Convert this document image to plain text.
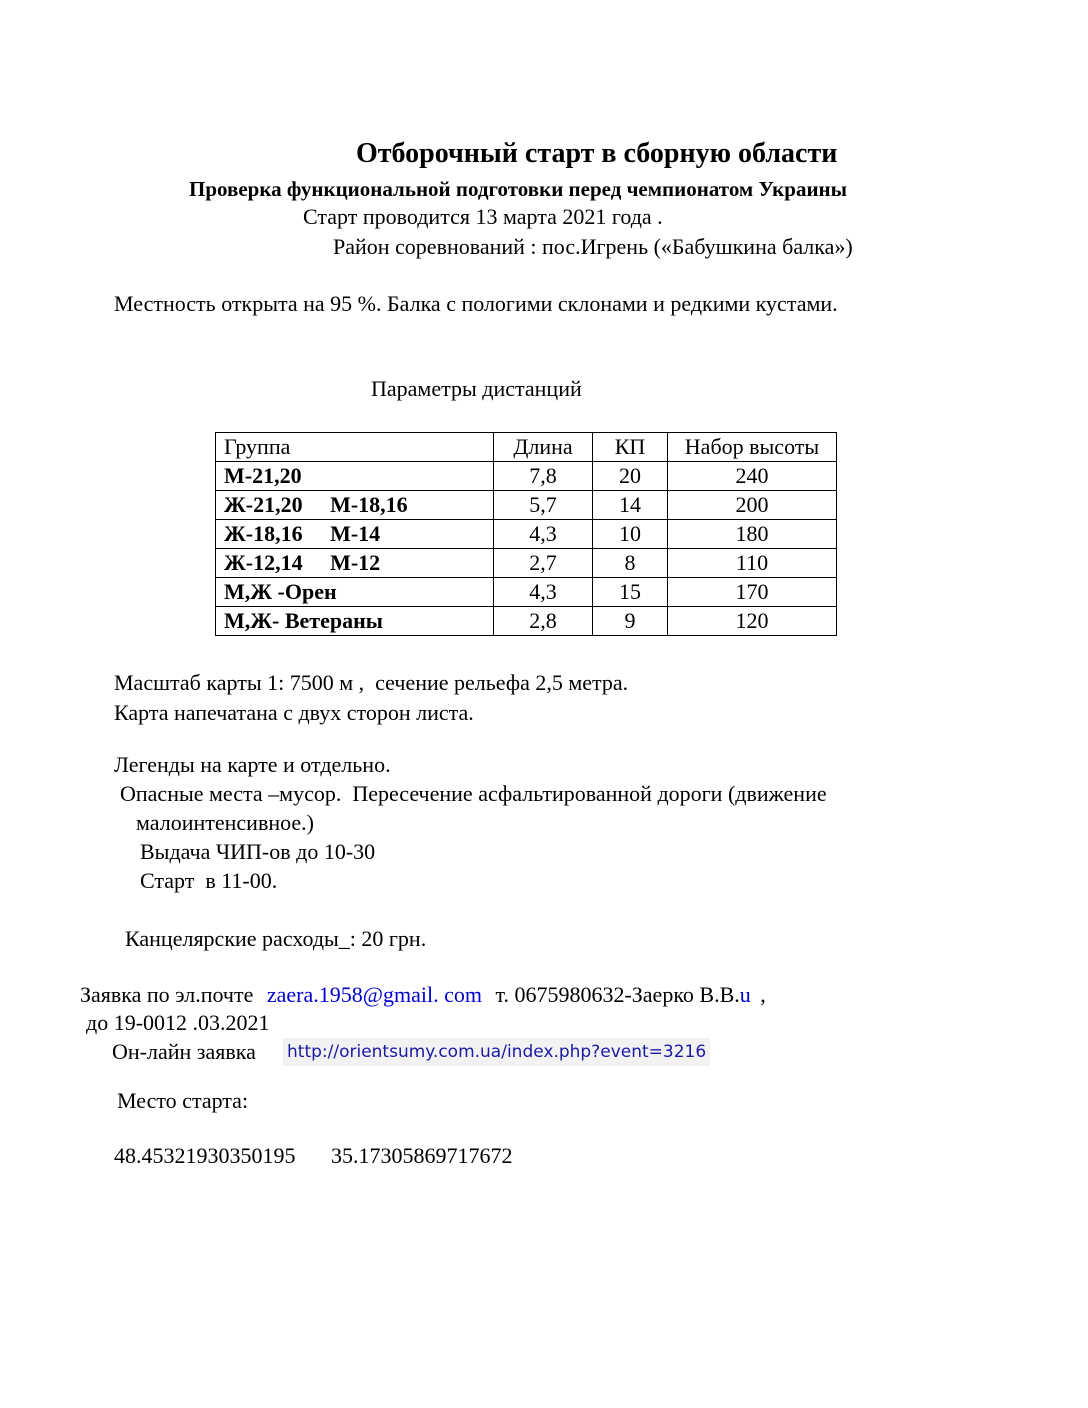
Отборочный старт в сборную области
Проверка функциональной подготовки перед чемпионатом Украины
Старт проводится 13 марта 2021 года .
Район соревнований : пос.Игрень («Бабушкина балка»)
Местность открыта на 95 %. Балка с пологими склонами и редкими кустами.
Параметры дистанций
Группа	Длина	КП	Набор высоты
М-21,20	7,8	20	240
Ж-21,20     М-18,16	5,7	14	200
Ж-18,16     М-14	4,3	10	180
Ж-12,14     М-12	2,7	8	110
М,Ж -Орен	4,3	15	170
М,Ж- Ветераны	2,8	9	120
Масштаб карты 1: 7500 м ,  сечение рельефа 2,5 метра.
Карта напечатана с двух сторон листа.
Легенды на карте и отдельно.
Опасные места –мусор.  Пересечение асфальтированной дороги (движение
малоинтенсивное.)
Выдача ЧИП-ов до 10-30
Старт  в 11-00.
Канцелярские расходы_: 20 грн.
Заявка по эл.почте zaera.1958@gmail. com т. 0675980632-Заерко В.В.u ,
до 19-0012 .03.2021
Он-лайн заявка http://orientsumy.com.ua/index.php?event=3216
Место старта:
48.45321930350195 35.17305869717672
